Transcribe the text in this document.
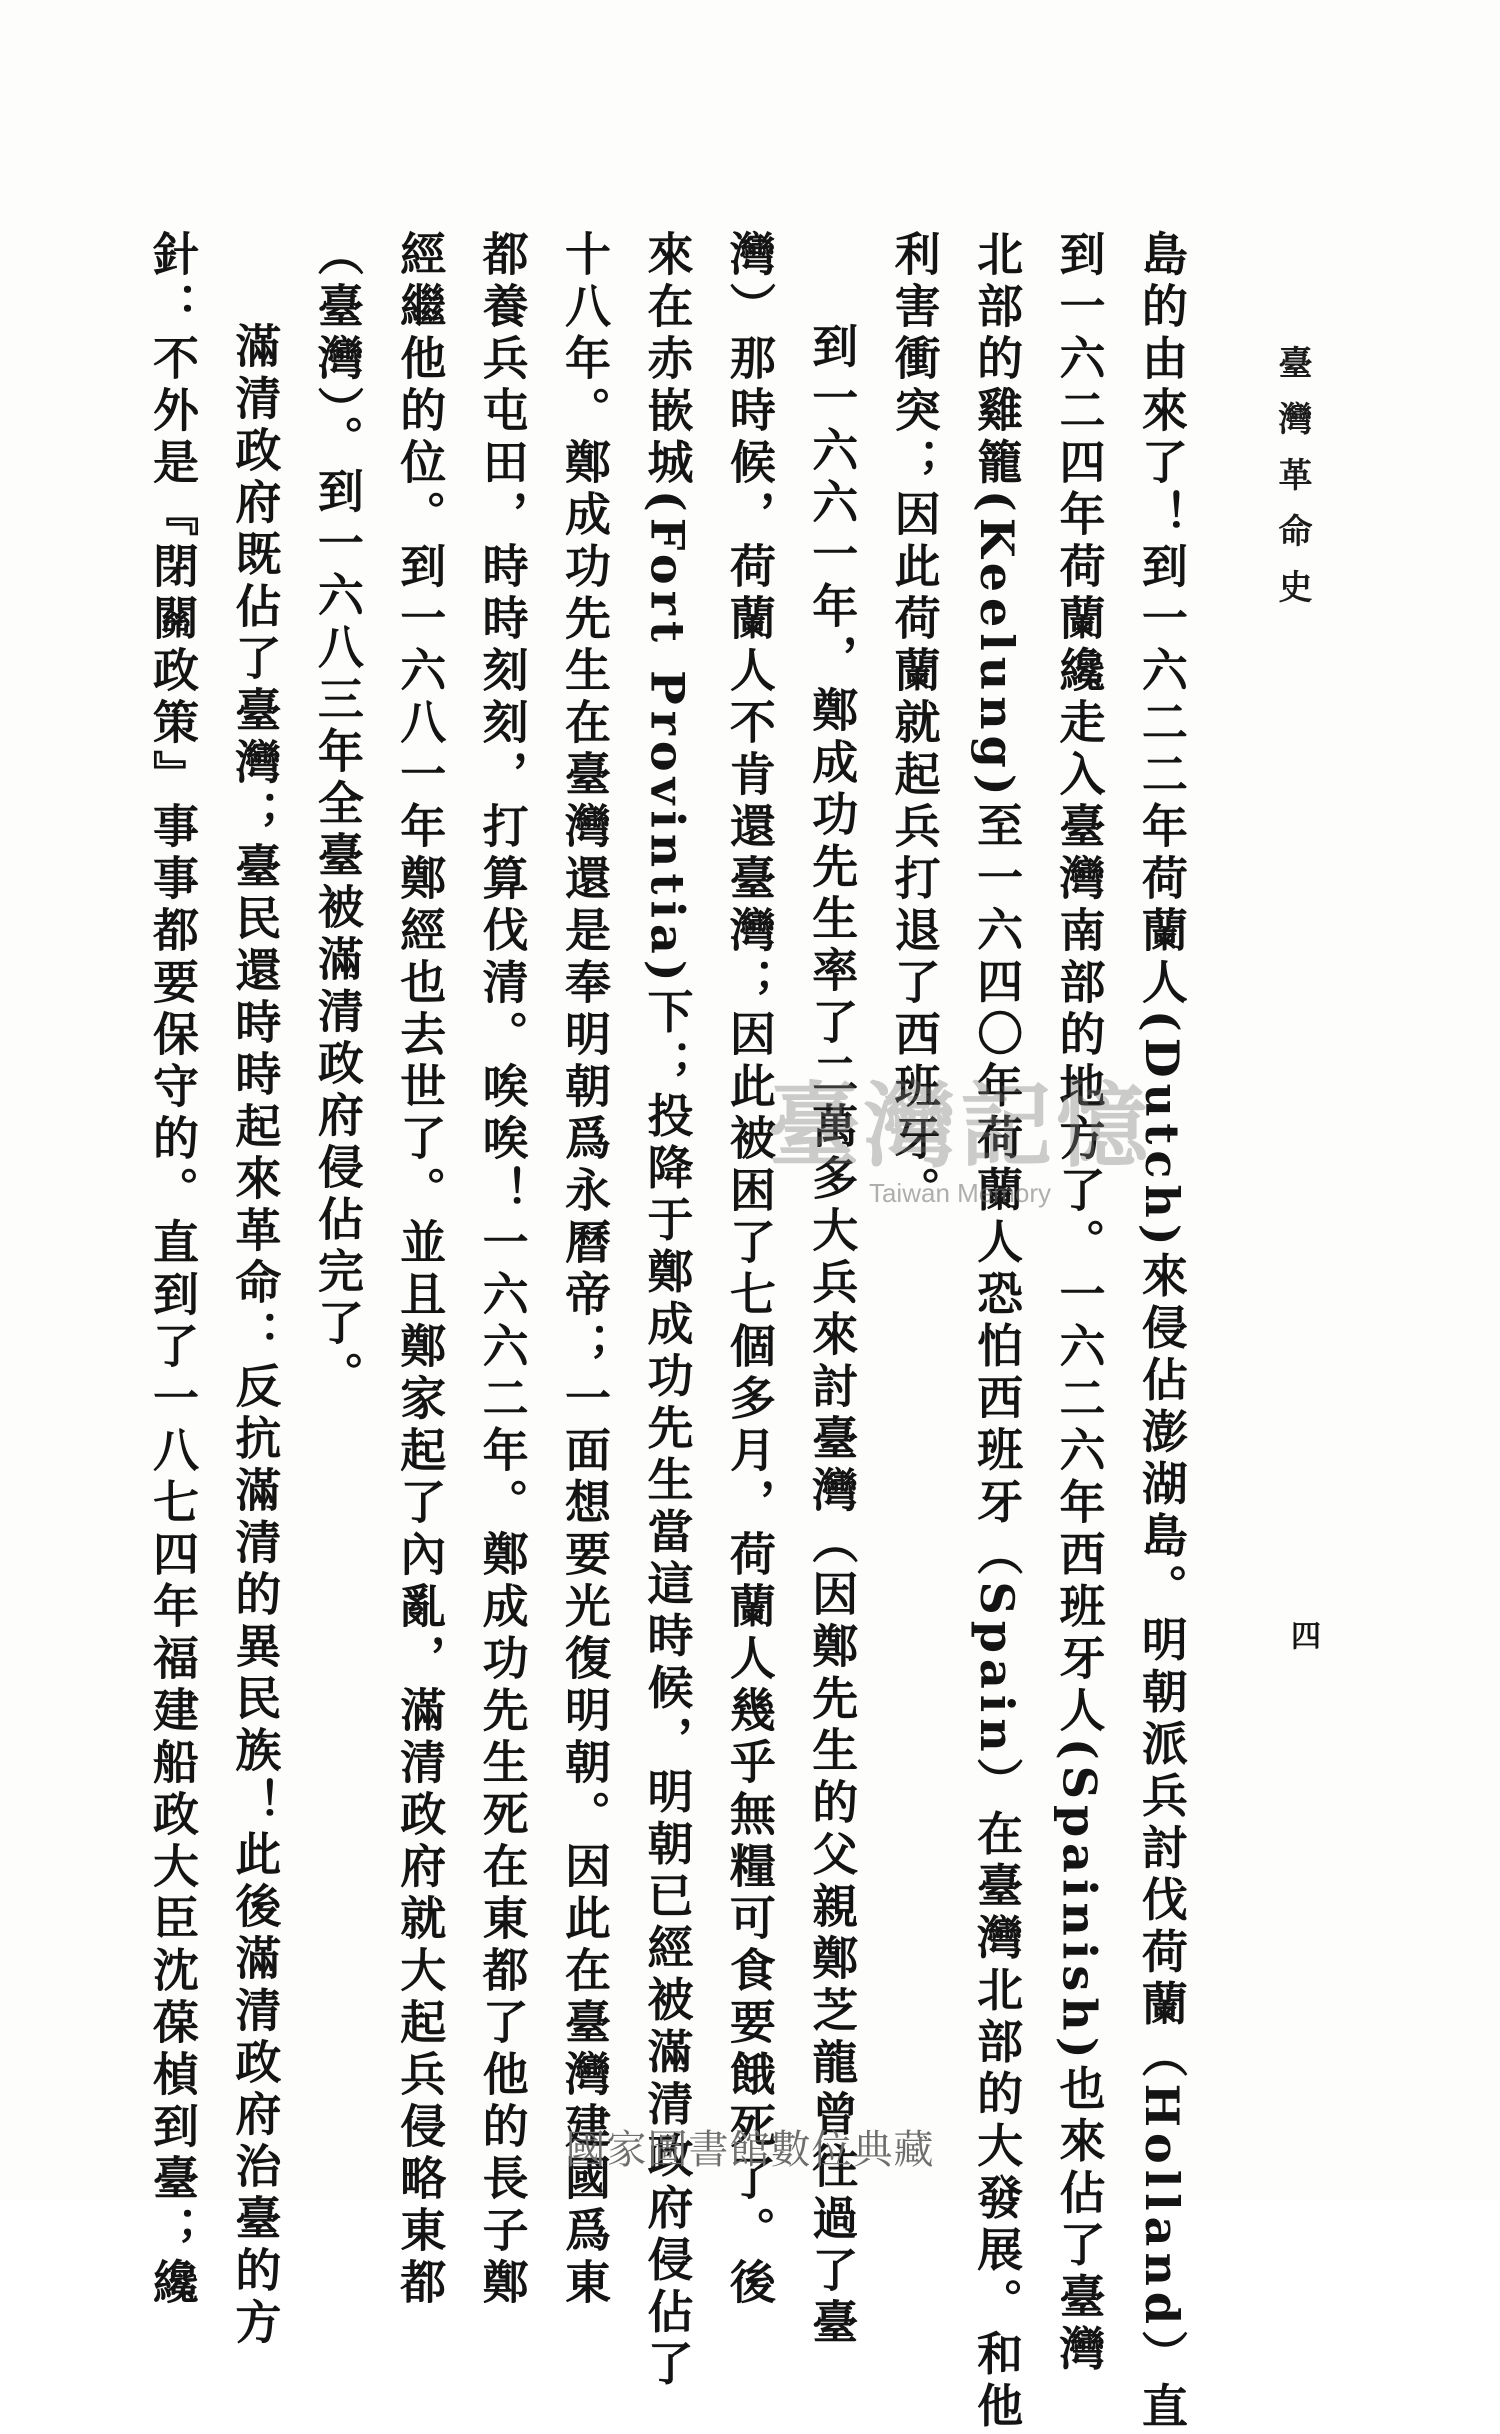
臺灣革命史
四
島的由來了！到一六二二年荷蘭人(Dutch)來侵佔澎湖島。明朝派兵討伐荷蘭（Holland）直
到一六二四年荷蘭纔走入臺灣南部的地方了。一六二六年西班牙人(Spainish)也來佔了臺灣
北部的雞籠(Keelung)至一六四〇年荷蘭人恐怕西班牙（Spain）在臺灣北部的大發展。和他
利害衝突；因此荷蘭就起兵打退了西班牙。
到一六六一年，鄭成功先生率了二萬多大兵來討臺灣（因鄭先生的父親鄭芝龍曾往過了臺
灣）那時候，荷蘭人不肯還臺灣；因此被困了七個多月，荷蘭人幾乎無糧可食要餓死了。後
來在赤嵌城(Fort Provintia)下；投降于鄭成功先生當這時候，明朝已經被滿清政府侵佔了
十八年。鄭成功先生在臺灣還是奉明朝爲永曆帝；一面想要光復明朝。因此在臺灣建國爲東
都養兵屯田，時時刻刻，打算伐清。唉唉！一六六二年。鄭成功先生死在東都了他的長子鄭
經繼他的位。到一六八一年鄭經也去世了。並且鄭家起了內亂，滿清政府就大起兵侵略東都
（臺灣）。到一六八三年全臺被滿清政府侵佔完了。
滿清政府既佔了臺灣；臺民還時時起來革命：反抗滿清的異民族！此後滿清政府治臺的方
針：不外是『閉關政策』事事都要保守的。直到了一八七四年福建船政大臣沈葆楨到臺；纔	臺灣記憶
Taiwan Memory
國家圖書館數位典藏
